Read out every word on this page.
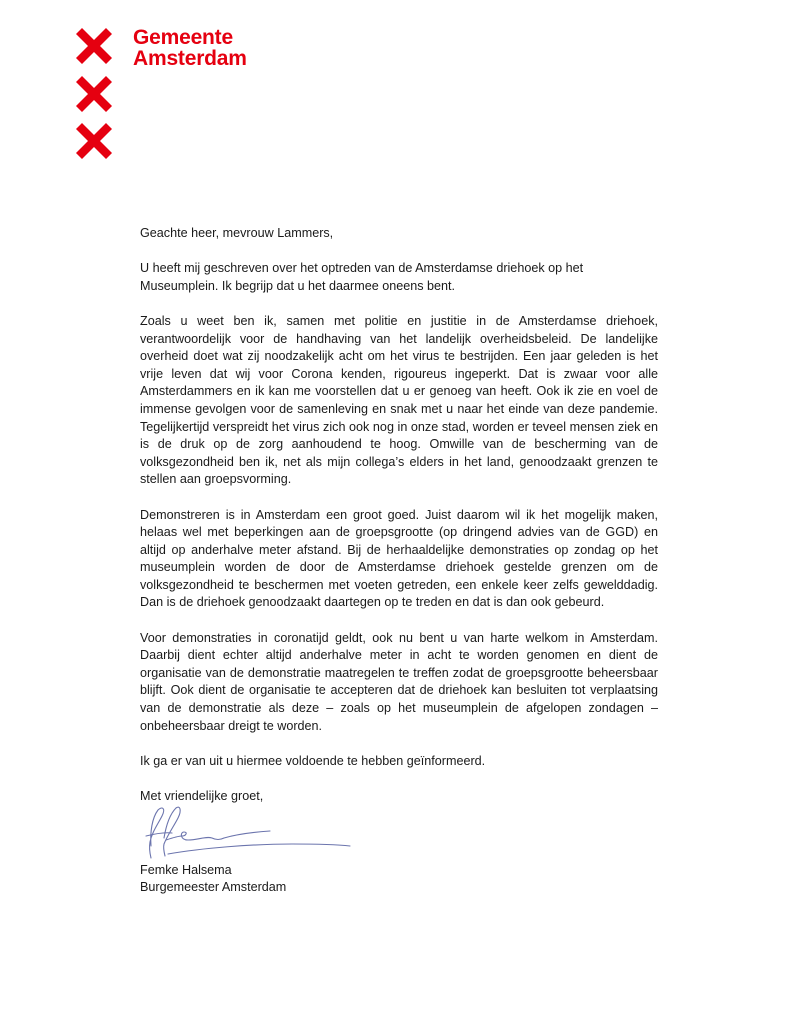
Gemeente
Amsterdam

Geachte heer, mevrouw Lammers,

U heeft mij geschreven over het optreden van de Amsterdamse driehoek op het Museumplein. Ik begrijp dat u het daarmee oneens bent.

Zoals u weet ben ik, samen met politie en justitie in de Amsterdamse driehoek, verantwoordelijk voor de handhaving van het landelijk overheidsbeleid. De landelijke overheid doet wat zij noodzakelijk acht om het virus te bestrijden. Een jaar geleden is het vrije leven dat wij voor Corona kenden, rigoureus ingeperkt. Dat is zwaar voor alle Amsterdammers en ik kan me voorstellen dat u er genoeg van heeft. Ook ik zie en voel de immense gevolgen voor de samenleving en snak met u naar het einde van deze pandemie. Tegelijkertijd verspreidt het virus zich ook nog in onze stad, worden er teveel mensen ziek en is de druk op de zorg aanhoudend te hoog. Omwille van de bescherming van de volksgezondheid ben ik, net als mijn collega’s elders in het land, genoodzaakt grenzen te stellen aan groepsvorming.

Demonstreren is in Amsterdam een groot goed. Juist daarom wil ik het mogelijk maken, helaas wel met beperkingen aan de groepsgrootte (op dringend advies van de GGD) en altijd op anderhalve meter afstand. Bij de herhaaldelijke demonstraties op zondag op het museumplein worden de door de Amsterdamse driehoek gestelde grenzen om de volksgezondheid te beschermen met voeten getreden, een enkele keer zelfs gewelddadig. Dan is de driehoek genoodzaakt daartegen op te treden en dat is dan ook gebeurd.

Voor demonstraties in coronatijd geldt, ook nu bent u van harte welkom in Amsterdam. Daarbij dient echter altijd anderhalve meter in acht te worden genomen en dient de organisatie van de demonstratie maatregelen te treffen zodat de groepsgrootte beheersbaar blijft. Ook dient de organisatie te accepteren dat de driehoek kan besluiten tot verplaatsing van de demonstratie als deze – zoals op het museumplein de afgelopen zondagen – onbeheersbaar dreigt te worden.

Ik ga er van uit u hiermee voldoende te hebben geïnformeerd.

Met vriendelijke groet,

Femke Halsema
Burgemeester Amsterdam
